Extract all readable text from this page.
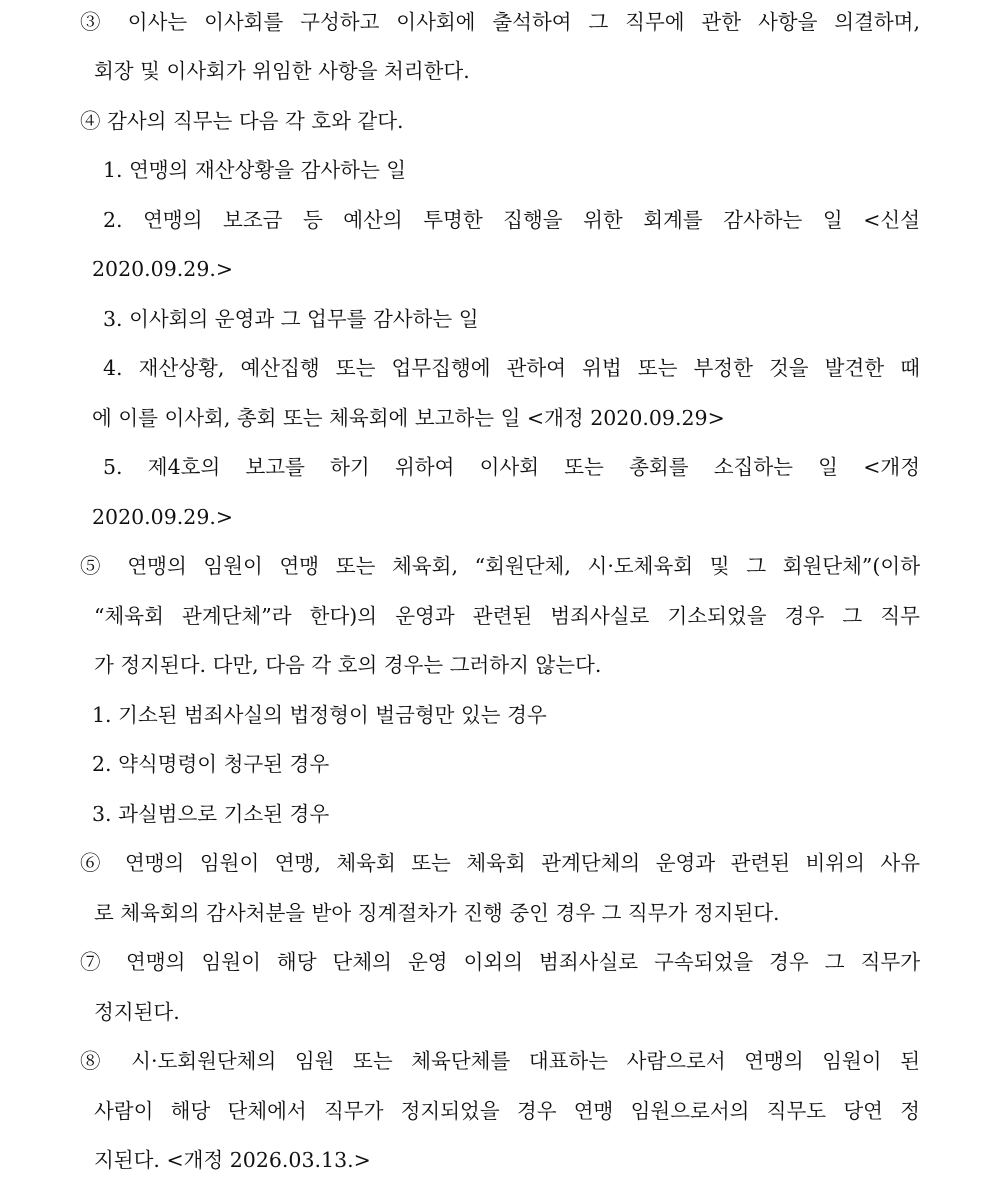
③ 이사는 이사회를 구성하고 이사회에 출석하여 그 직무에 관한 사항을 의결하며,
회장 및 이사회가 위임한 사항을 처리한다.
④ 감사의 직무는 다음 각 호와 같다.
1. 연맹의 재산상황을 감사하는 일
2. 연맹의 보조금 등 예산의 투명한 집행을 위한 회계를 감사하는 일 <신설
2020.09.29.>
3. 이사회의 운영과 그 업무를 감사하는 일
4. 재산상황, 예산집행 또는 업무집행에 관하여 위법 또는 부정한 것을 발견한 때
에 이를 이사회, 총회 또는 체육회에 보고하는 일 <개정 2020.09.29>
5. 제4호의 보고를 하기 위하여 이사회 또는 총회를 소집하는 일 <개정
2020.09.29.>
⑤ 연맹의 임원이 연맹 또는 체육회, “회원단체, 시·도체육회 및 그 회원단체”(이하
“체육회 관계단체”라 한다)의 운영과 관련된 범죄사실로 기소되었을 경우 그 직무
가 정지된다. 다만, 다음 각 호의 경우는 그러하지 않는다.
1. 기소된 범죄사실의 법정형이 벌금형만 있는 경우
2. 약식명령이 청구된 경우
3. 과실범으로 기소된 경우
⑥ 연맹의 임원이 연맹, 체육회 또는 체육회 관계단체의 운영과 관련된 비위의 사유
로 체육회의 감사처분을 받아 징계절차가 진행 중인 경우 그 직무가 정지된다.
⑦ 연맹의 임원이 해당 단체의 운영 이외의 범죄사실로 구속되었을 경우 그 직무가
정지된다.
⑧ 시·도회원단체의 임원 또는 체육단체를 대표하는 사람으로서 연맹의 임원이 된
사람이 해당 단체에서 직무가 정지되었을 경우 연맹 임원으로서의 직무도 당연 정
지된다. <개정 2026.03.13.>
